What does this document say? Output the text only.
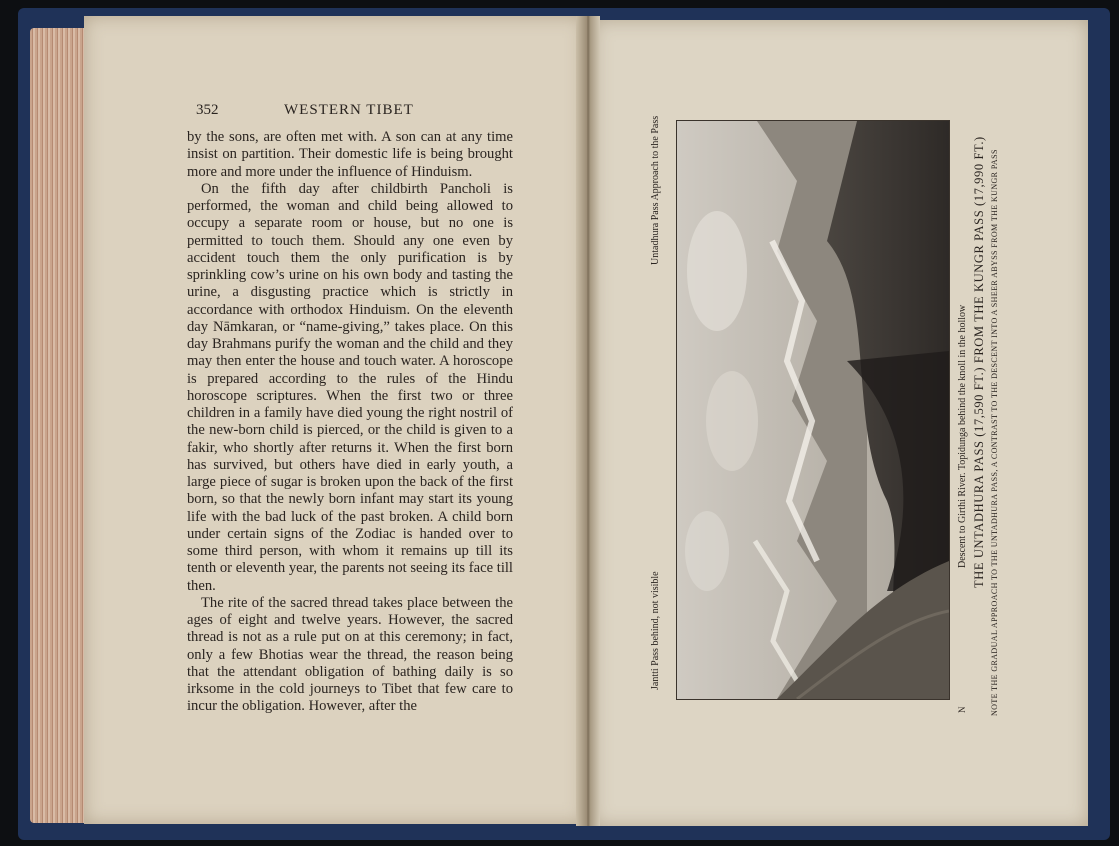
352	WESTERN TIBET

by the sons, are often met with. A son can at any time insist on partition. Their domestic life is being brought more and more under the influence of Hinduism.

On the fifth day after childbirth Pancholi is performed, the woman and child being allowed to occupy a separate room or house, but no one is permitted to touch them. Should any one even by accident touch them the only purification is by sprinkling cow’s urine on his own body and tasting the urine, a disgusting practice which is strictly in accordance with orthodox Hinduism. On the eleventh day Nāmkaran, or “name-giving,” takes place. On this day Brahmans purify the woman and the child and they may then enter the house and touch water. A horoscope is prepared according to the rules of the Hindu horoscope scriptures. When the first two or three children in a family have died young the right nostril of the new-born child is pierced, or the child is given to a fakir, who shortly after returns it. When the first born has survived, but others have died in early youth, a large piece of sugar is broken upon the back of the first born, so that the newly born infant may start its young life with the bad luck of the past broken. A child born under certain signs of the Zodiac is handed over to some third person, with whom it remains up till its tenth or eleventh year, the parents not seeing its face till then.

The rite of the sacred thread takes place between the ages of eight and twelve years. However, the sacred thread is not as a rule put on at this ceremony; in fact, only a few Bhotias wear the thread, the reason being that the attendant obligation of bathing daily is so irksome in the cold journeys to Tibet that few care to incur the obligation. However, after the

Jantti Pass behind, not visible
Untadhura Pass Approach to the Pass
Descent to Girthi River. Topidunga behind the knoll in the hollow THE UNTADHURA PASS (17,590 FT.) FROM THE KUNGR PASS (17,990 FT.) NOTE THE GRADUAL APPROACH TO THE UNTADHURA PASS, A CONTRAST TO THE DESCENT INTO A SHEER ABYSS FROM THE KUNGR PASS
N
